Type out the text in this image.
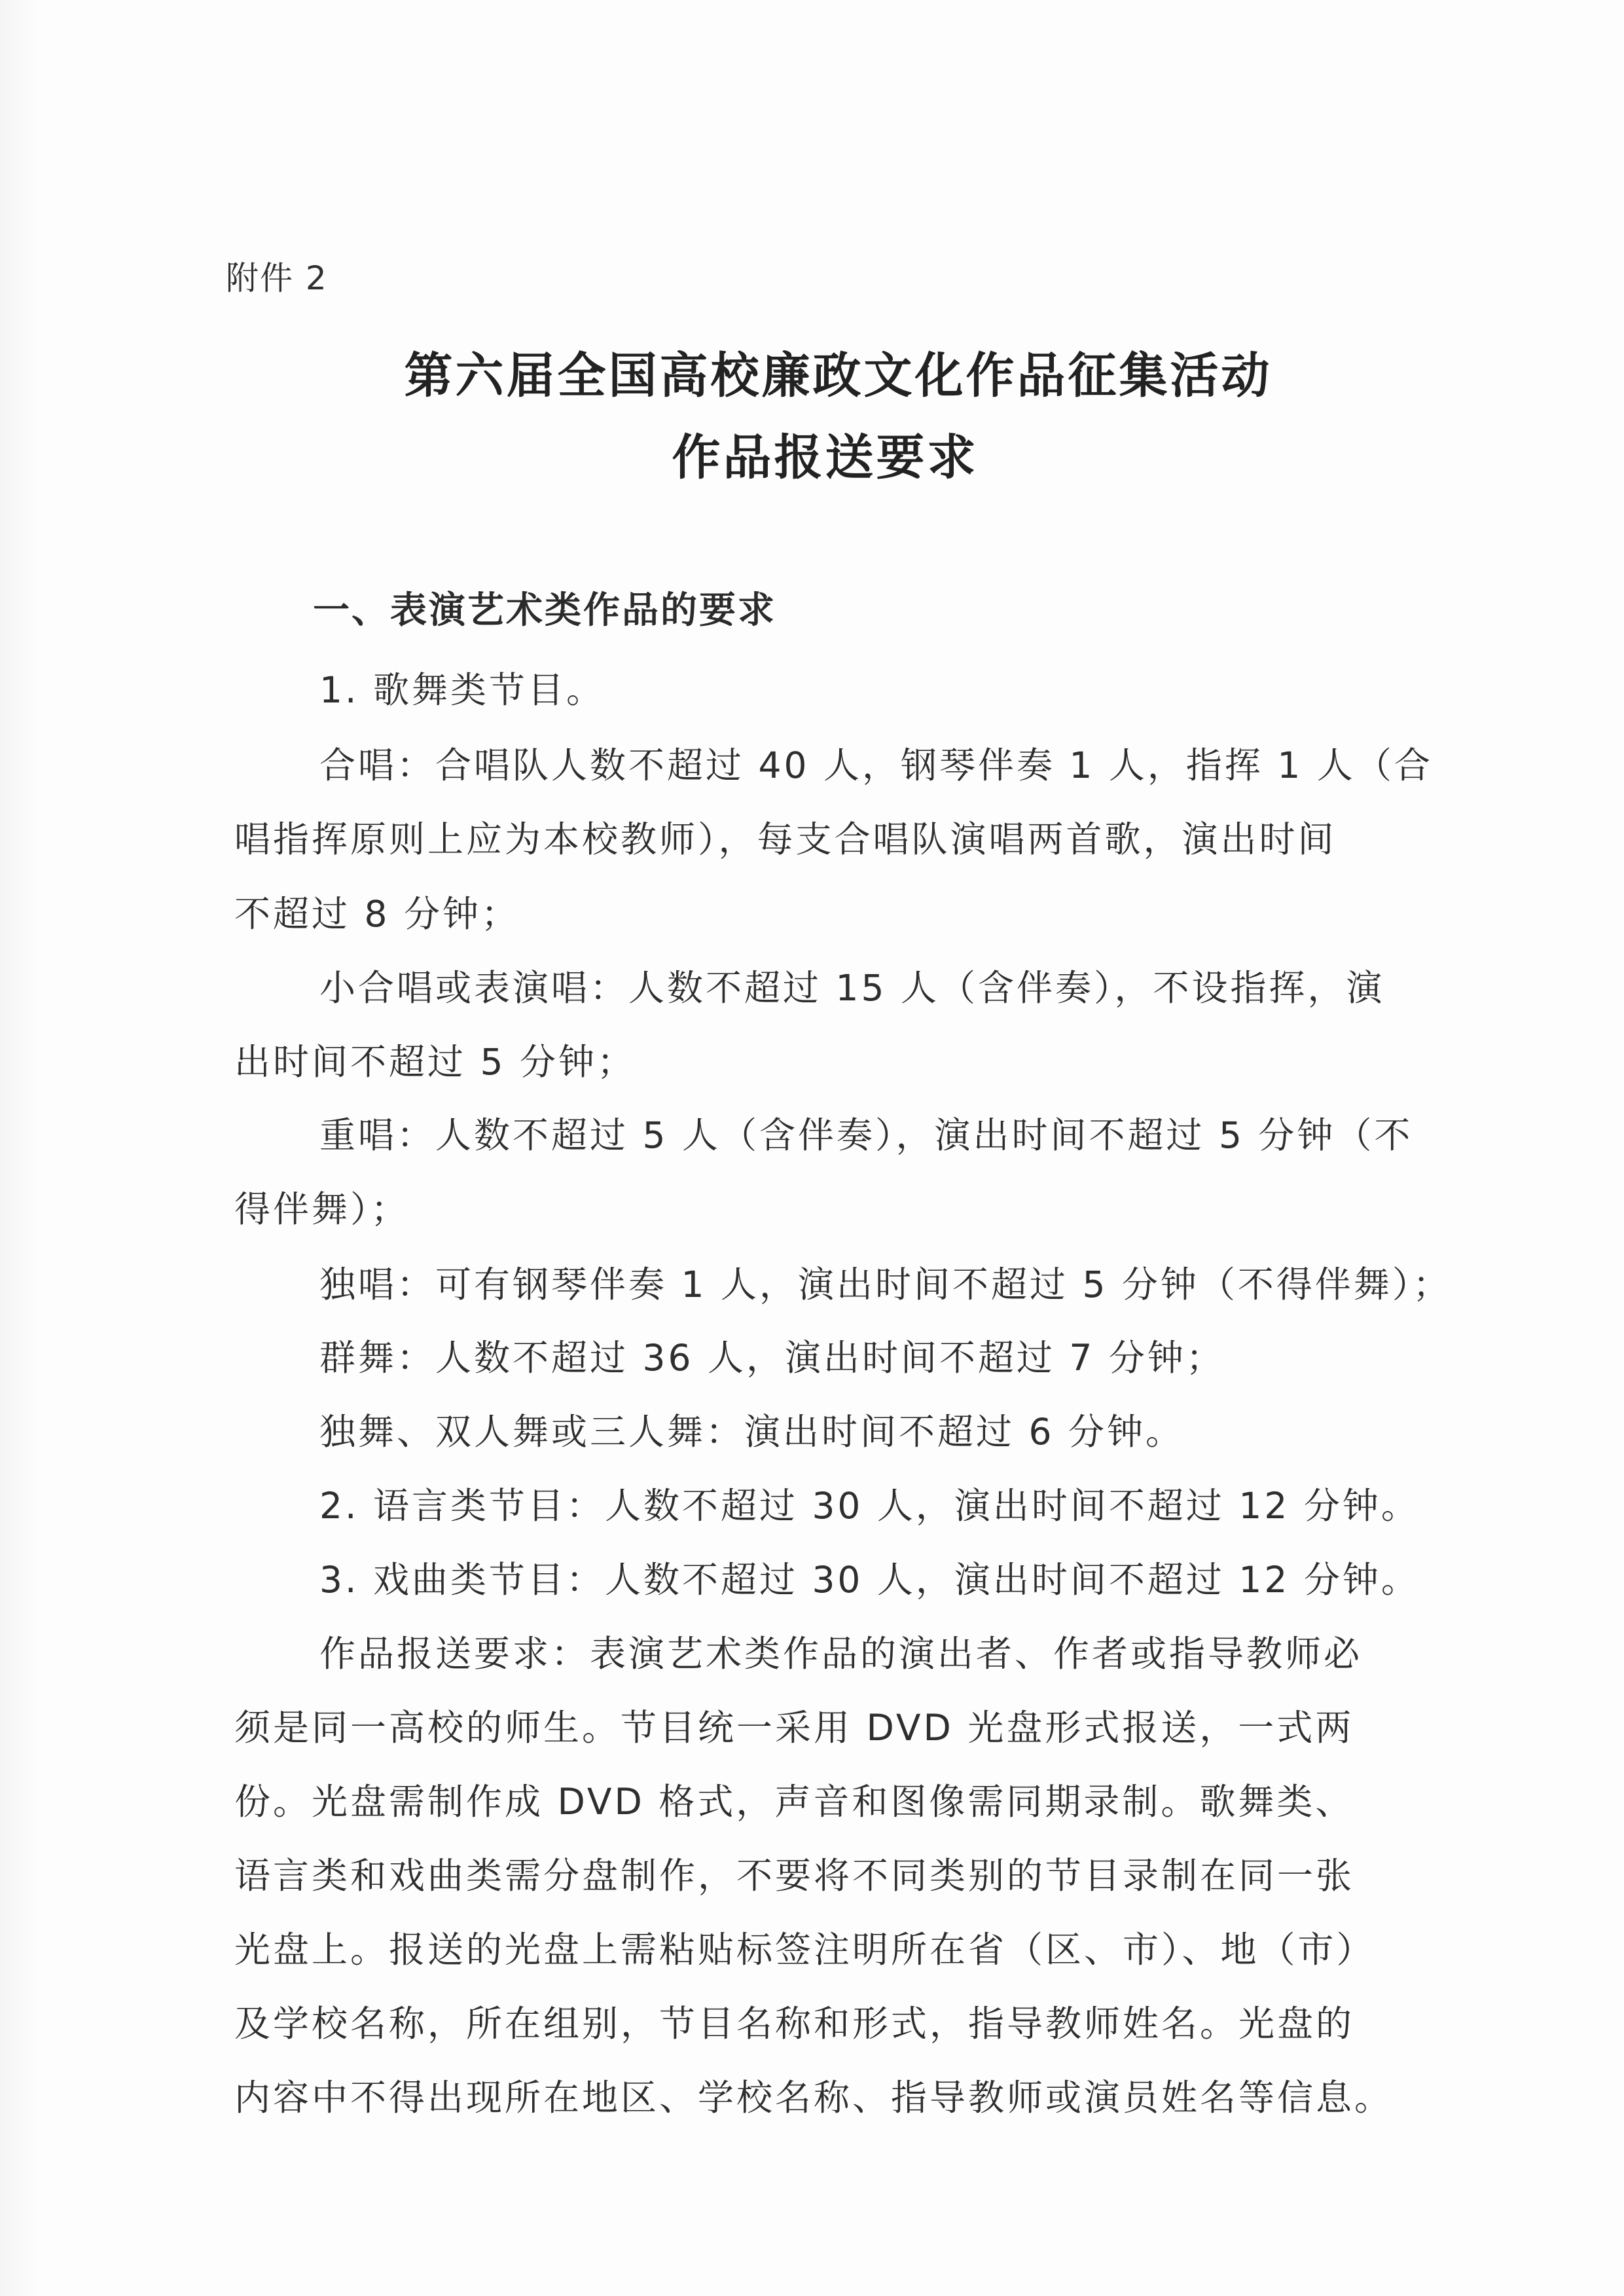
附件 2
第六届全国高校廉政文化作品征集活动
作品报送要求
一、表演艺术类作品的要求
1. 歌舞类节目。
合唱：合唱队人数不超过 40 人，钢琴伴奏 1 人，指挥 1 人（合
唱指挥原则上应为本校教师），每支合唱队演唱两首歌，演出时间
不超过 8 分钟；
小合唱或表演唱：人数不超过 15 人（含伴奏），不设指挥，演
出时间不超过 5 分钟；
重唱：人数不超过 5 人（含伴奏），演出时间不超过 5 分钟（不
得伴舞）；
独唱：可有钢琴伴奏 1 人，演出时间不超过 5 分钟（不得伴舞）；
群舞：人数不超过 36 人，演出时间不超过 7 分钟；
独舞、双人舞或三人舞：演出时间不超过 6 分钟。
2. 语言类节目：人数不超过 30 人，演出时间不超过 12 分钟。
3. 戏曲类节目：人数不超过 30 人，演出时间不超过 12 分钟。
作品报送要求：表演艺术类作品的演出者、作者或指导教师必
须是同一高校的师生。节目统一采用 DVD 光盘形式报送，一式两
份。光盘需制作成 DVD 格式，声音和图像需同期录制。歌舞类、
语言类和戏曲类需分盘制作，不要将不同类别的节目录制在同一张
光盘上。报送的光盘上需粘贴标签注明所在省（区、市）、地（市）
及学校名称，所在组别，节目名称和形式，指导教师姓名。光盘的
内容中不得出现所在地区、学校名称、指导教师或演员姓名等信息。
